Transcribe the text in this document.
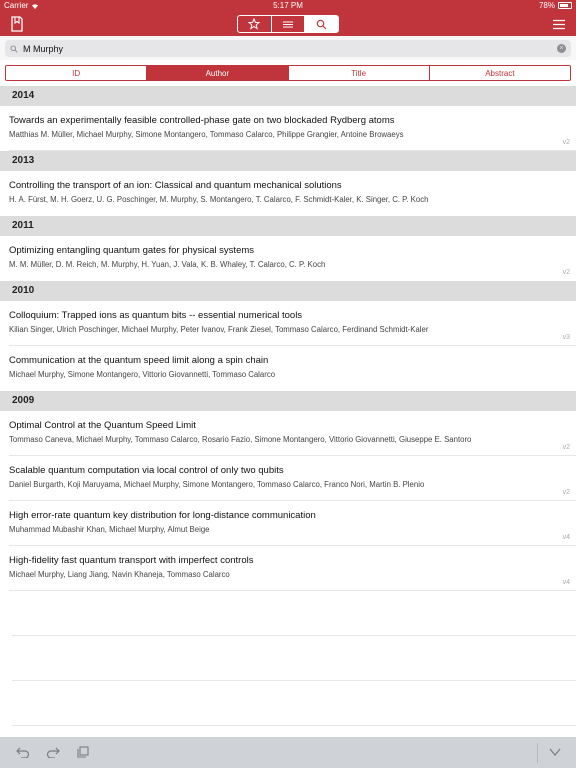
Carrier	5:17 PM	78%
M Murphy	×
ID	Author	Title	Abstract
2014
Towards an experimentally feasible controlled-phase gate on two blockaded Rydberg atoms
Matthias M. Müller, Michael Murphy, Simone Montangero, Tommaso Calarco, Philippe Grangier, Antoine Browaeys
v2
2013
Controlling the transport of an ion: Classical and quantum mechanical solutions
H. A. Fürst, M. H. Goerz, U. G. Poschinger, M. Murphy, S. Montangero, T. Calarco, F. Schmidt-Kaler, K. Singer, C. P. Koch
2011
Optimizing entangling quantum gates for physical systems
M. M. Müller, D. M. Reich, M. Murphy, H. Yuan, J. Vala, K. B. Whaley, T. Calarco, C. P. Koch
v2
2010
Colloquium: Trapped ions as quantum bits -- essential numerical tools
Kilian Singer, Ulrich Poschinger, Michael Murphy, Peter Ivanov, Frank Ziesel, Tommaso Calarco, Ferdinand Schmidt-Kaler
v3
Communication at the quantum speed limit along a spin chain
Michael Murphy, Simone Montangero, Vittorio Giovannetti, Tommaso Calarco
2009
Optimal Control at the Quantum Speed Limit
Tommaso Caneva, Michael Murphy, Tommaso Calarco, Rosario Fazio, Simone Montangero, Vittorio Giovannetti, Giuseppe E. Santoro
v2
Scalable quantum computation via local control of only two qubits
Daniel Burgarth, Koji Maruyama, Michael Murphy, Simone Montangero, Tommaso Calarco, Franco Nori, Martin B. Plenio
v2
High error-rate quantum key distribution for long-distance communication
Muhammad Mubashir Khan, Michael Murphy, Almut Beige
v4
High-fidelity fast quantum transport with imperfect controls
Michael Murphy, Liang Jiang, Navin Khaneja, Tommaso Calarco
v4
